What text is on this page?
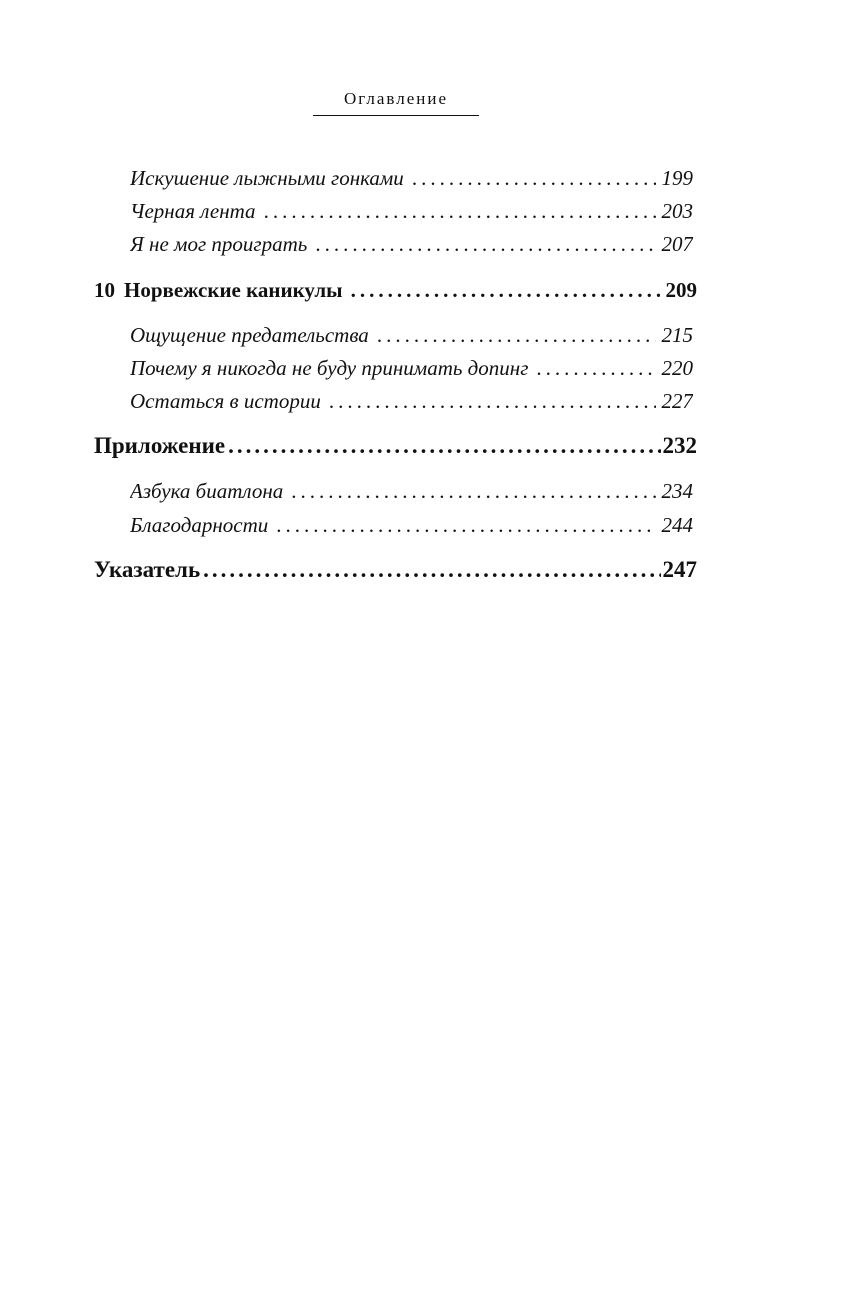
Оглавление
Искушение лыжными гонками .....	199
Черная лента .....	203
Я не мог проиграть .....	207
10 Норвежские каникулы .....	209
Ощущение предательства .....	215
Почему я никогда не буду принимать допинг .....	220
Остаться в истории .....	227
Приложение .....	232
Азбука биатлона .....	234
Благодарности .....	244
Указатель .....	247
